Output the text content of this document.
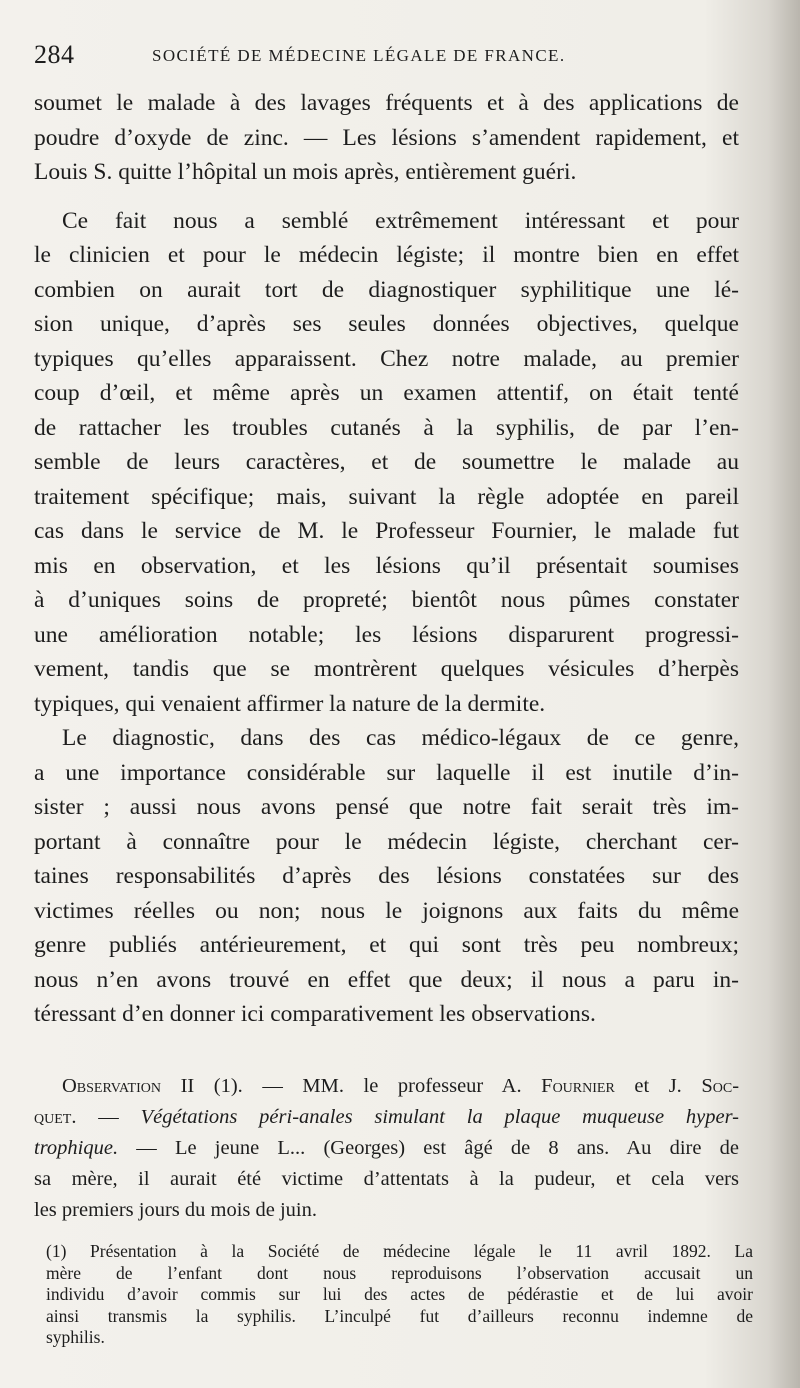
284	SOCIÉTÉ DE MÉDECINE LÉGALE DE FRANCE.
soumet le malade à des lavages fréquents et à des applications de
poudre d’oxyde de zinc. — Les lésions s’amendent rapidement, et
Louis S. quitte l’hôpital un mois après, entièrement guéri.
Ce fait nous a semblé extrêmement intéressant et pour
le clinicien et pour le médecin légiste; il montre bien en effet
combien on aurait tort de diagnostiquer syphilitique une lé-
sion unique, d’après ses seules données objectives, quelque
typiques qu’elles apparaissent. Chez notre malade, au premier
coup d’œil, et même après un examen attentif, on était tenté
de rattacher les troubles cutanés à la syphilis, de par l’en-
semble de leurs caractères, et de soumettre le malade au
traitement spécifique; mais, suivant la règle adoptée en pareil
cas dans le service de M. le Professeur Fournier, le malade fut
mis en observation, et les lésions qu’il présentait soumises
à d’uniques soins de propreté; bientôt nous pûmes constater
une amélioration notable; les lésions disparurent progressi-
vement, tandis que se montrèrent quelques vésicules d’herpès
typiques, qui venaient affirmer la nature de la dermite.
Le diagnostic, dans des cas médico-légaux de ce genre,
a une importance considérable sur laquelle il est inutile d’in-
sister ; aussi nous avons pensé que notre fait serait très im-
portant à connaître pour le médecin légiste, cherchant cer-
taines responsabilités d’après des lésions constatées sur des
victimes réelles ou non; nous le joignons aux faits du même
genre publiés antérieurement, et qui sont très peu nombreux;
nous n’en avons trouvé en effet que deux; il nous a paru in-
téressant d’en donner ici comparativement les observations.
Observation II (1). — MM. le professeur A. Fournier et J. Soc-
quet. — Végétations péri-anales simulant la plaque muqueuse hyper-
trophique. — Le jeune L... (Georges) est âgé de 8 ans. Au dire de
sa mère, il aurait été victime d’attentats à la pudeur, et cela vers
les premiers jours du mois de juin.
(1) Présentation à la Société de médecine légale le 11 avril 1892. La
mère de l’enfant dont nous reproduisons l’observation accusait un
individu d’avoir commis sur lui des actes de pédérastie et de lui avoir
ainsi transmis la syphilis. L’inculpé fut d’ailleurs reconnu indemne de
syphilis.
